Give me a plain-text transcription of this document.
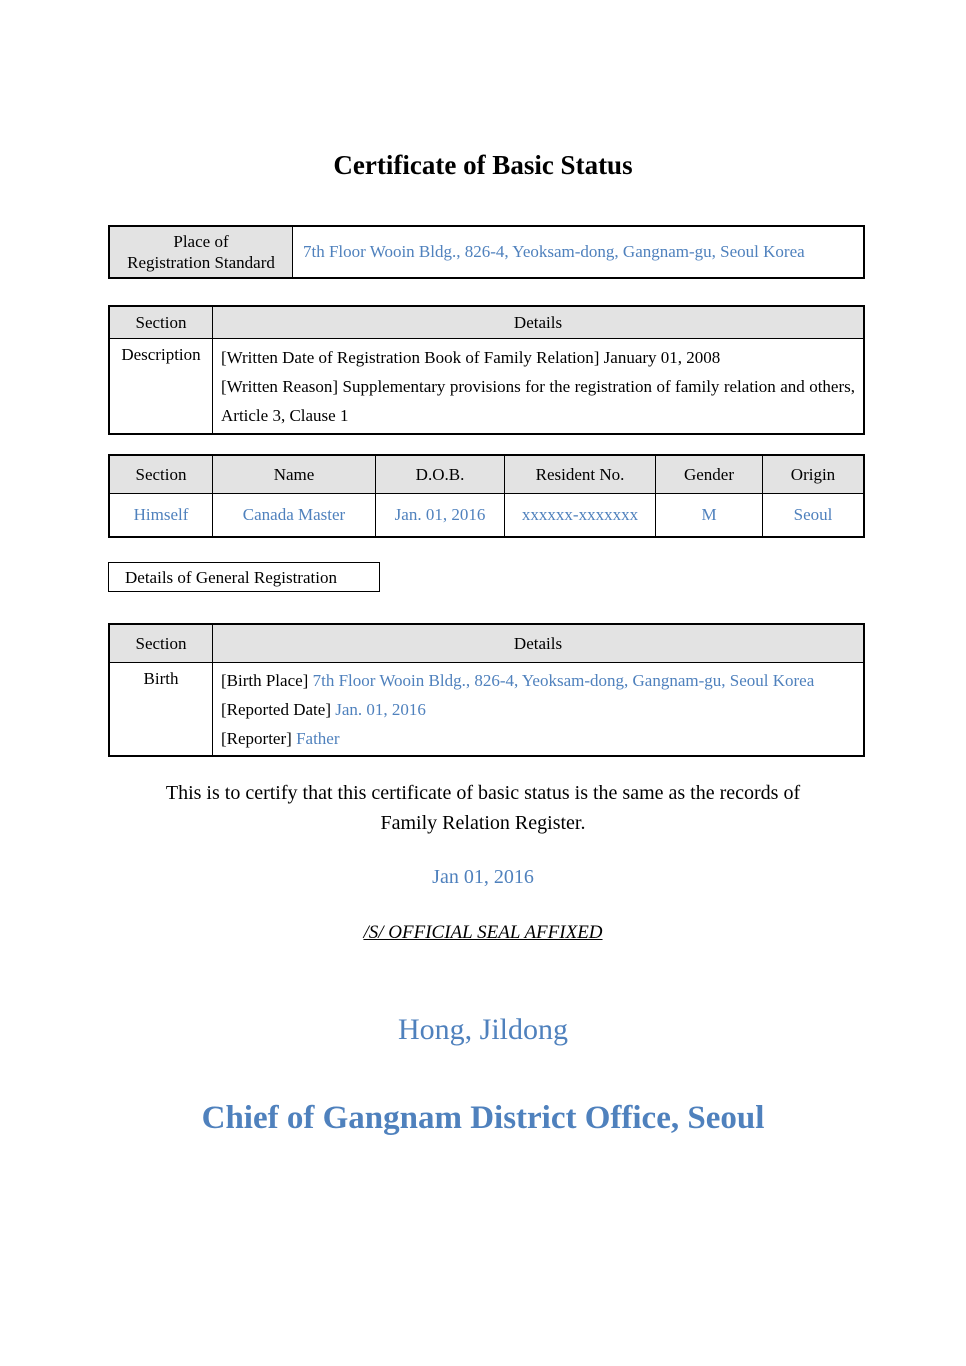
Certificate of Basic Status
Place of
Registration Standard	7th Floor Wooin Bldg., 826-4, Yeoksam-dong, Gangnam-gu, Seoul Korea
Section	Details
Description	[Written Date of Registration Book of Family Relation] January 01, 2008
[Written Reason] Supplementary provisions for the registration of family relation and others, Article 3, Clause 1
Section	Name	D.O.B.	Resident No.	Gender	Origin
Himself	Canada Master	Jan. 01, 2016	xxxxxx-xxxxxxx	M	Seoul
Details of General Registration
Section	Details
Birth	[Birth Place] 7th Floor Wooin Bldg., 826-4, Yeoksam-dong, Gangnam-gu, Seoul Korea
[Reported Date] Jan. 01, 2016
[Reporter] Father
This is to certify that this certificate of basic status is the same as the records of
Family Relation Register.
Jan 01, 2016
/S/ OFFICIAL SEAL AFFIXED
Hong, Jildong
Chief of Gangnam District Office, Seoul
